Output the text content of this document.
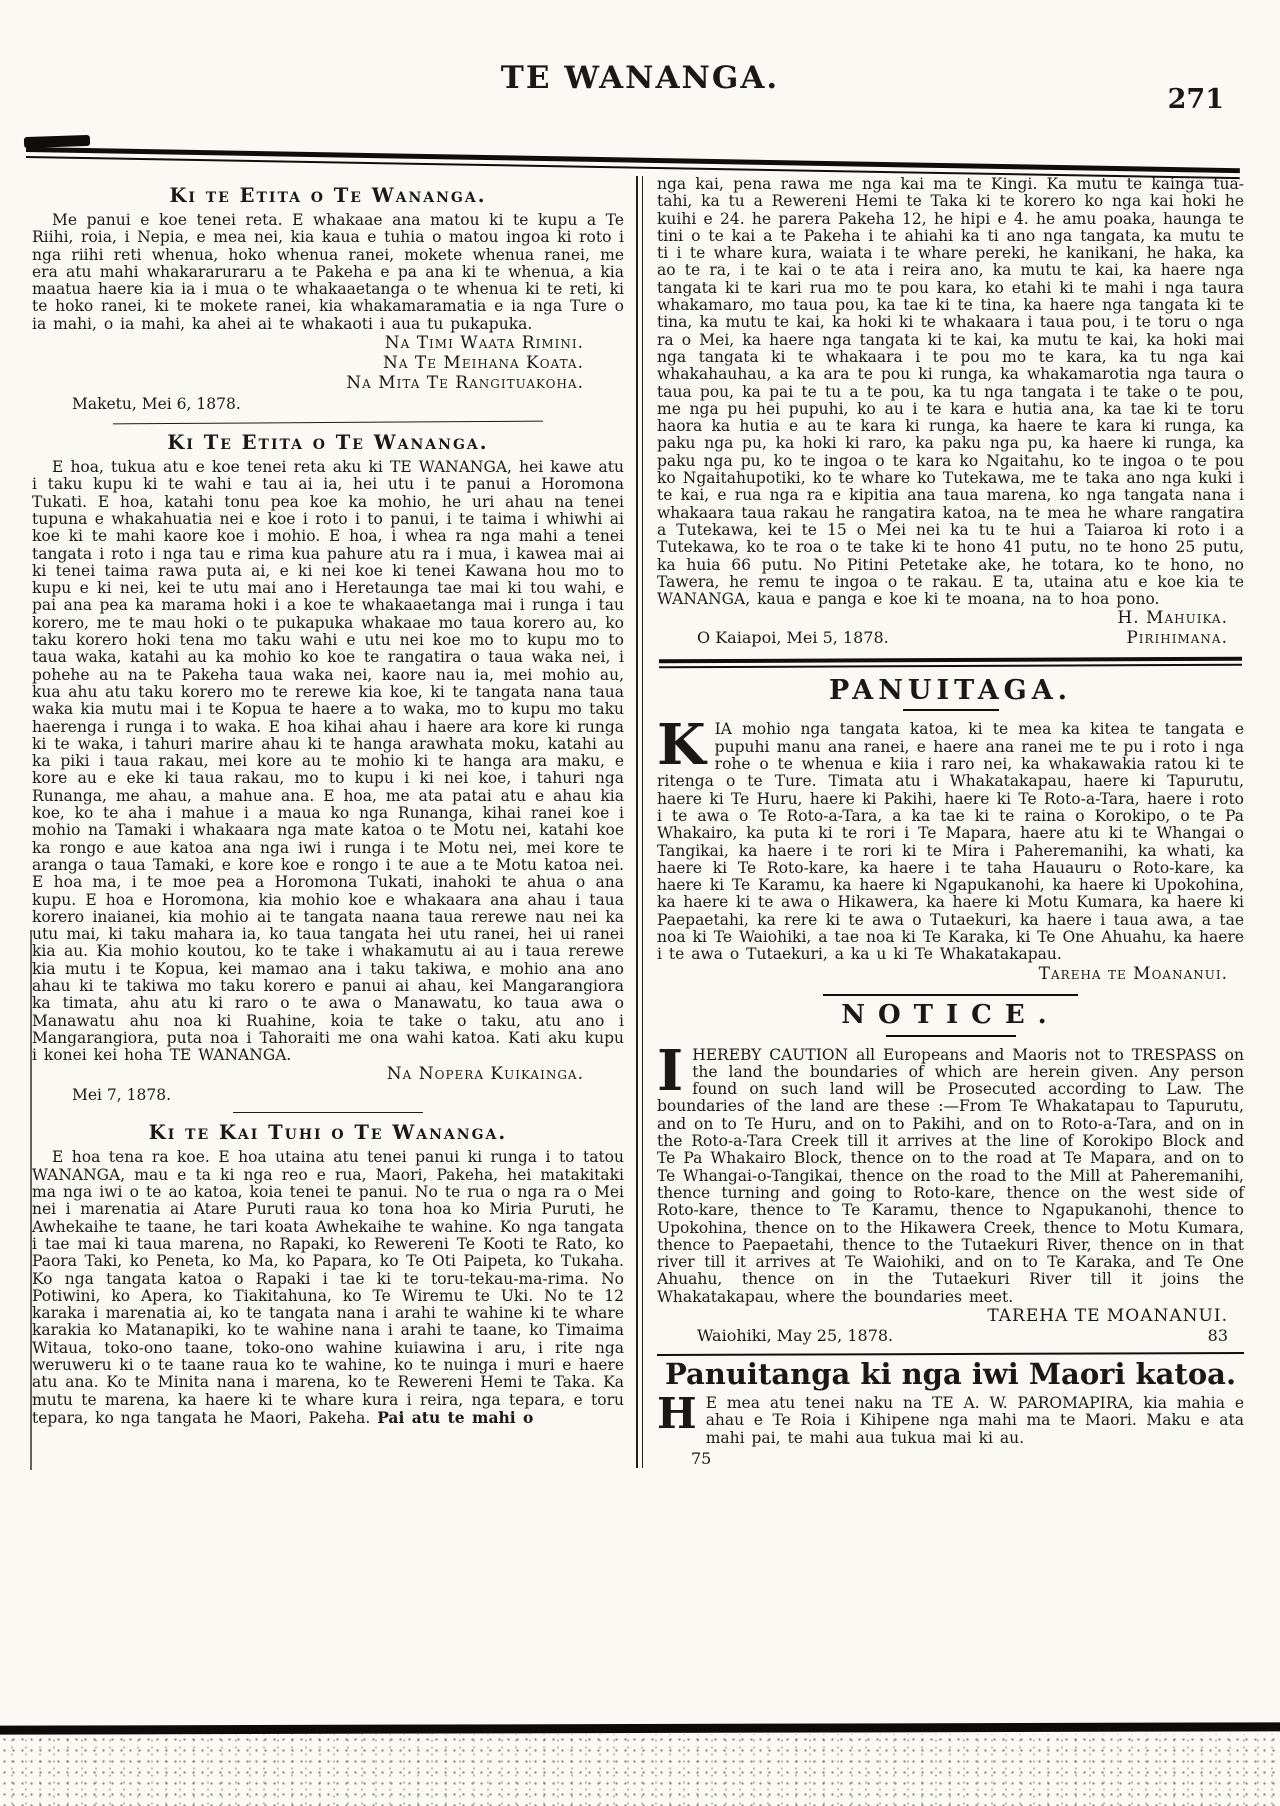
TE WANANGA.
271
Ki te Etita o Te Wananga.

Me panui e koe tenei reta. E whakaae ana matou ki te kupu a Te Riihi, roia, i Nepia, e mea nei, kia kaua e tuhia o matou ingoa ki roto i nga riihi reti whenua, hoko whenua ranei, mokete whenua ranei, me era atu mahi whakararuraru a te Pakeha e pa ana ki te whenua, a kia maatua haere kia ia i mua o te whakaaetanga o te whenua ki te reti, ki te hoko ranei, ki te mokete ranei, kia whakamaramatia e ia nga Ture o ia mahi, o ia mahi, ka ahei ai te whakaoti i aua tu pukapuka.

Na Timi Waata Rimini.
Na Te Meihana Koata.
Na Mita Te Rangituakoha.

Maketu, Mei 6, 1878.

Ki Te Etita o Te Wananga.

E hoa, tukua atu e koe tenei reta aku ki TE WANANGA, hei kawe atu i taku kupu ki te wahi e tau ai ia, hei utu i te panui a Horomona Tukati. E hoa, katahi tonu pea koe ka mohio, he uri ahau na tenei tupuna e whakahuatia nei e koe i roto i to panui, i te taima i whiwhi ai koe ki te mahi kaore koe i mohio. E hoa, i whea ra nga mahi a tenei tangata i roto i nga tau e rima kua pahure atu ra i mua, i kawea mai ai ki tenei taima rawa puta ai, e ki nei koe ki tenei Kawana hou mo to kupu e ki nei, kei te utu mai ano i Heretaunga tae mai ki tou wahi, e pai ana pea ka marama hoki i a koe te whakaaetanga mai i runga i tau korero, me te mau hoki o te pukapuka whakaae mo taua korero au, ko taku korero hoki tena mo taku wahi e utu nei koe mo to kupu mo to taua waka, katahi au ka mohio ko koe te rangatira o taua waka nei, i pohehe au na te Pakeha taua waka nei, kaore nau ia, mei mohio au, kua ahu atu taku korero mo te rerewe kia koe, ki te tangata nana taua waka kia mutu mai i te Kopua te haere a to waka, mo to kupu mo taku haerenga i runga i to waka. E hoa kihai ahau i haere ara kore ki runga ki te waka, i tahuri marire ahau ki te hanga arawhata moku, katahi au ka piki i taua rakau, mei kore au te mohio ki te hanga ara maku, e kore au e eke ki taua rakau, mo to kupu i ki nei koe, i tahuri nga Runanga, me ahau, a mahue ana. E hoa, me ata patai atu e ahau kia koe, ko te aha i mahue i a maua ko nga Runanga, kihai ranei koe i mohio na Tamaki i whakaara nga mate katoa o te Motu nei, katahi koe ka rongo e aue katoa ana nga iwi i runga i te Motu nei, mei kore te aranga o taua Tamaki, e kore koe e rongo i te aue a te Motu katoa nei. E hoa ma, i te moe pea a Horomona Tukati, inahoki te ahua o ana kupu. E hoa e Horomona, kia mohio koe e whakaara ana ahau i taua korero inaianei, kia mohio ai te tangata naana taua rerewe nau nei ka utu mai, ki taku mahara ia, ko taua tangata hei utu ranei, hei ui ranei kia au. Kia mohio koutou, ko te take i whakamutu ai au i taua rerewe kia mutu i te Kopua, kei mamao ana i taku takiwa, e mohio ana ano ahau ki te takiwa mo taku korero e panui ai ahau, kei Mangarangiora ka timata, ahu atu ki raro o te awa o Manawatu, ko taua awa o Manawatu ahu noa ki Ruahine, koia te take o taku, atu ano i Mangarangiora, puta noa i Tahoraiti me ona wahi katoa. Kati aku kupu i konei kei hoha TE WANANGA.

Na Nopera Kuikainga.

Mei 7, 1878.

Ki te Kai Tuhi o Te Wananga.

E hoa tena ra koe. E hoa utaina atu tenei panui ki runga i to tatou WANANGA, mau e ta ki nga reo e rua, Maori, Pakeha, hei matakitaki ma nga iwi o te ao katoa, koia tenei te panui. No te rua o nga ra o Mei nei i marenatia ai Atare Puruti raua ko tona hoa ko Miria Puruti, he Awhekaihe te taane, he tari koata Awhekaihe te wahine. Ko nga tangata i tae mai ki taua marena, no Rapaki, ko Rewereni Te Kooti te Rato, ko Paora Taki, ko Peneta, ko Ma, ko Papara, ko Te Oti Paipeta, ko Tukaha. Ko nga tangata katoa o Rapaki i tae ki te toru-tekau-ma-rima. No Potiwini, ko Apera, ko Tiakitahuna, ko Te Wiremu te Uki. No te 12 karaka i marenatia ai, ko te tangata nana i arahi te wahine ki te whare karakia ko Matanapiki, ko te wahine nana i arahi te taane, ko Timaima Witaua, toko-ono taane, toko-ono wahine kuiawina i aru, i rite nga weruweru ki o te taane raua ko te wahine, ko te nuinga i muri e haere atu ana. Ko te Minita nana i marena, ko te Rewereni Hemi te Taka. Ka mutu te marena, ka haere ki te whare kura i reira, nga tepara, e toru tepara, ko nga tangata he Maori, Pakeha. Pai atu te mahi o

nga kai, pena rawa me nga kai ma te Kingi. Ka mutu te kainga tua-tahi, ka tu a Rewereni Hemi te Taka ki te korero ko nga kai hoki he kuihi e 24. he parera Pakeha 12, he hipi e 4. he amu poaka, haunga te tini o te kai a te Pakeha i te ahiahi ka ti ano nga tangata, ka mutu te ti i te whare kura, waiata i te whare pereki, he kanikani, he haka, ka ao te ra, i te kai o te ata i reira ano, ka mutu te kai, ka haere nga tangata ki te kari rua mo te pou kara, ko etahi ki te mahi i nga taura whakamaro, mo taua pou, ka tae ki te tina, ka haere nga tangata ki te tina, ka mutu te kai, ka hoki ki te whakaara i taua pou, i te toru o nga ra o Mei, ka haere nga tangata ki te kai, ka mutu te kai, ka hoki mai nga tangata ki te whakaara i te pou mo te kara, ka tu nga kai whakahauhau, a ka ara te pou ki runga, ka whakamarotia nga taura o taua pou, ka pai te tu a te pou, ka tu nga tangata i te take o te pou, me nga pu hei pupuhi, ko au i te kara e hutia ana, ka tae ki te toru haora ka hutia e au te kara ki runga, ka haere te kara ki runga, ka paku nga pu, ka hoki ki raro, ka paku nga pu, ka haere ki runga, ka paku nga pu, ko te ingoa o te kara ko Ngaitahu, ko te ingoa o te pou ko Ngaitahupotiki, ko te whare ko Tutekawa, me te taka ano nga kuki i te kai, e rua nga ra e kipitia ana taua marena, ko nga tangata nana i whakaara taua rakau he rangatira katoa, na te mea he whare rangatira a Tutekawa, kei te 15 o Mei nei ka tu te hui a Taiaroa ki roto i a Tutekawa, ko te roa o te take ki te hono 41 putu, no te hono 25 putu, ka huia 66 putu. No Pitini Petetake ake, he totara, ko te hono, no Tawera, he remu te ingoa o te rakau. E ta, utaina atu e koe kia te WANANGA, kaua e panga e koe ki te moana, na to hoa pono.

H. Mahuika.
O Kaiapoi, Mei 5, 1878.	Pirihimana.
PANUITAGA.

KIA mohio nga tangata katoa, ki te mea ka kitea te tangata e pupuhi manu ana ranei, e haere ana ranei me te pu i roto i nga rohe o te whenua e kiia i raro nei, ka whakawakia ratou ki te ritenga o te Ture. Timata atu i Whakatakapau, haere ki Tapurutu, haere ki Te Huru, haere ki Pakihi, haere ki Te Roto-a-Tara, haere i roto i te awa o Te Roto-a-Tara, a ka tae ki te raina o Korokipo, o te Pa Whakairo, ka puta ki te rori i Te Mapara, haere atu ki te Whangai o Tangikai, ka haere i te rori ki te Mira i Paheremanihi, ka whati, ka haere ki Te Roto-kare, ka haere i te taha Hauauru o Roto-kare, ka haere ki Te Karamu, ka haere ki Ngapukanohi, ka haere ki Upokohina, ka haere ki te awa o Hikawera, ka haere ki Motu Kumara, ka haere ki Paepaetahi, ka rere ki te awa o Tutaekuri, ka haere i taua awa, a tae noa ki Te Waiohiki, a tae noa ki Te Karaka, ki Te One Ahuahu, ka haere i te awa o Tutaekuri, a ka u ki Te Whakatakapau.

Tareha te Moananui.
NOTICE.

IHEREBY CAUTION all Europeans and Maoris not to TRESPASS on the land the boundaries of which are herein given. Any person found on such land will be Prosecuted according to Law. The boundaries of the land are these :—From Te Whakatapau to Tapurutu, and on to Te Huru, and on to Pakihi, and on to Roto-a-Tara, and on in the Roto-a-Tara Creek till it arrives at the line of Korokipo Block and Te Pa Whakairo Block, thence on to the road at Te Mapara, and on to Te Whangai-o-Tangikai, thence on the road to the Mill at Paheremanihi, thence turning and going to Roto-kare, thence on the west side of Roto-kare, thence to Te Karamu, thence to Ngapukanohi, thence to Upokohina, thence on to the Hikawera Creek, thence to Motu Kumara, thence to Paepaetahi, thence to the Tutaekuri River, thence on in that river till it arrives at Te Waiohiki, and on to Te Karaka, and Te One Ahuahu, thence on in the Tutaekuri River till it joins the Whakatakapau, where the boundaries meet.

TAREHA TE MOANANUI.
Waiohiki, May 25, 1878.	83
Panuitanga ki nga iwi Maori katoa.

H E mea atu tenei naku na TE A. W. PAROMAPIRA, kia mahia e ahau e Te Roia i Kihipene nga mahi ma te Maori. Maku e ata mahi pai, te mahi aua tukua mai ki au.

75
